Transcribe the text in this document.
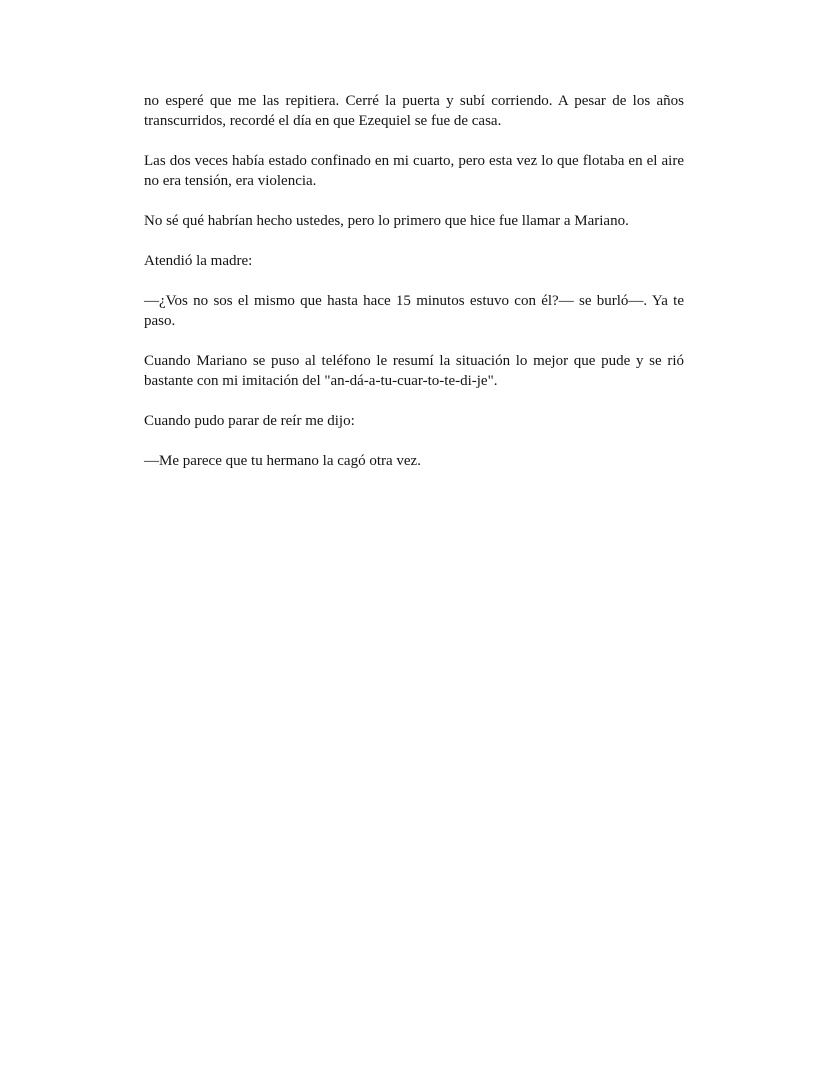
no esperé que me las repitiera. Cerré la puerta y subí corriendo. A pesar de los años transcurridos, recordé el día en que Ezequiel se fue de casa.

Las dos veces había estado confinado en mi cuarto, pero esta vez lo que flotaba en el aire no era tensión, era violencia.

No sé qué habrían hecho ustedes, pero lo primero que hice fue llamar a Mariano.

Atendió la madre:

—¿Vos no sos el mismo que hasta hace 15 minutos estuvo con él?— se burló—. Ya te paso.

Cuando Mariano se puso al teléfono le resumí la situación lo mejor que pude y se rió bastante con mi imitación del "an-dá-a-tu-cuar-to-te-di-je".

Cuando pudo parar de reír me dijo:

—Me parece que tu hermano la cagó otra vez.
